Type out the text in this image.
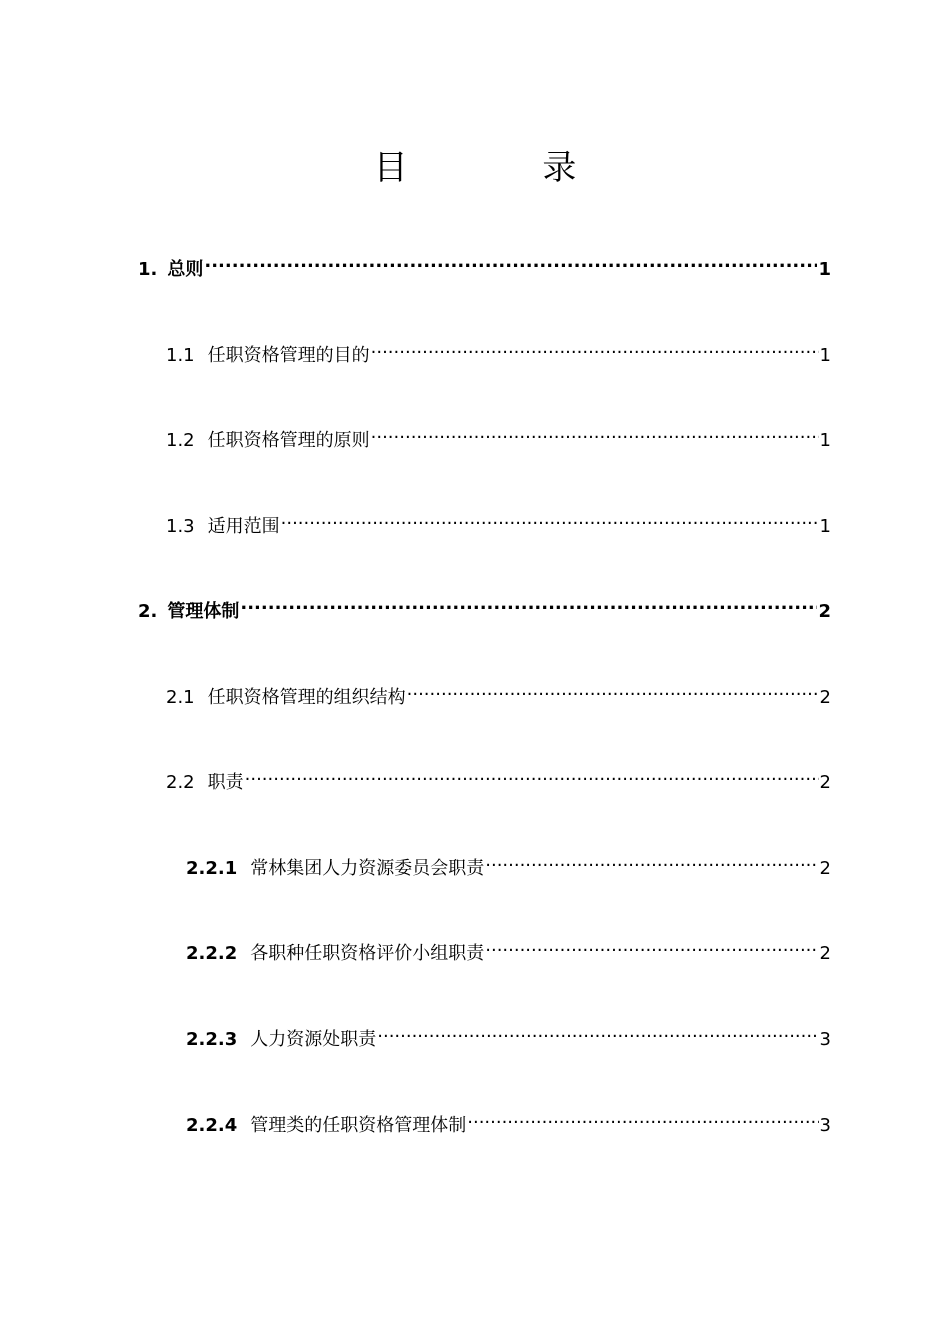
目 录
1. 总则 .....	1
1.1 任职资格管理的目的 .....	1
1.2 任职资格管理的原则 .....	1
1.3 适用范围 .....	1
2. 管理体制 .....	2
2.1 任职资格管理的组织结构 .....	2
2.2 职责 .....	2
2.2.1 常林集团人力资源委员会职责 .....	2
2.2.2 各职种任职资格评价小组职责 .....	2
2.2.3 人力资源处职责 .....	3
2.2.4 管理类的任职资格管理体制 .....	3
